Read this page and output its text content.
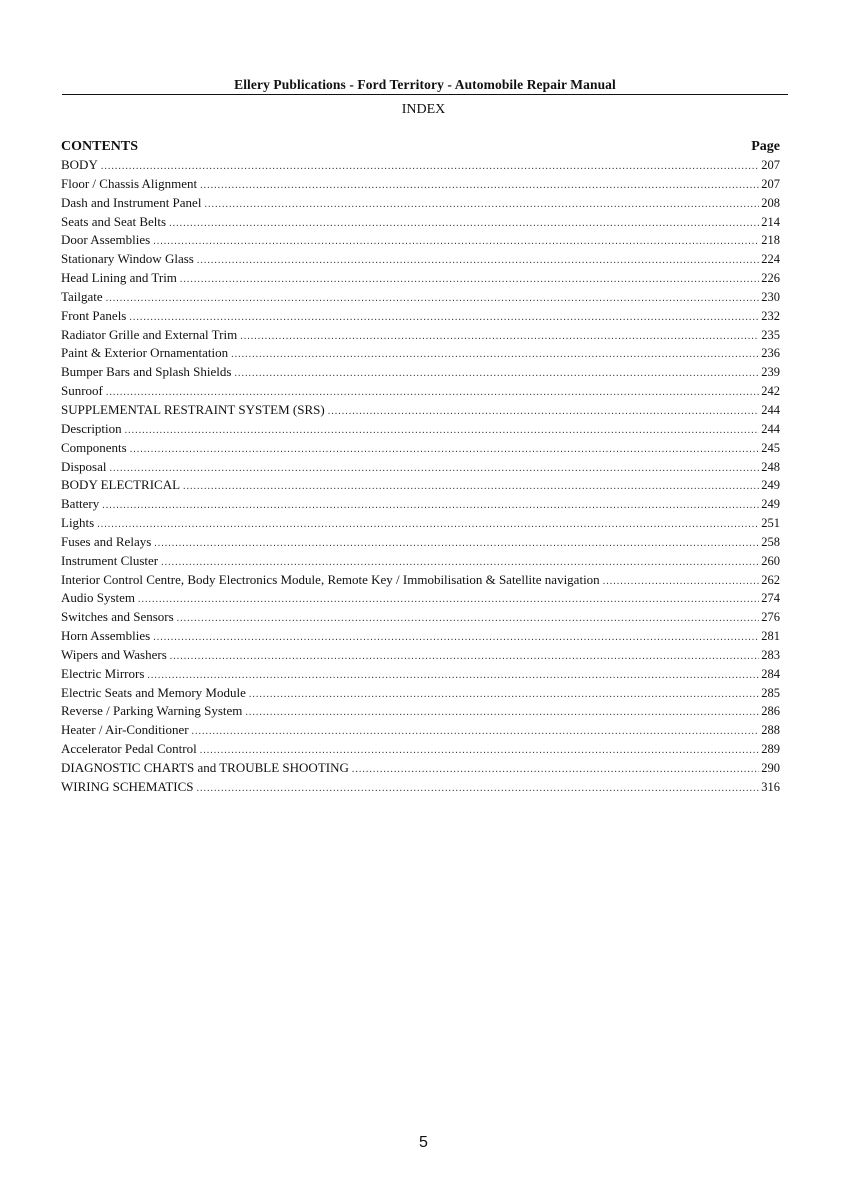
Ellery Publications - Ford Territory - Automobile Repair Manual
INDEX
CONTENTS	Page
BODY .....	207
Floor / Chassis Alignment .....	207
Dash and Instrument Panel .....	208
Seats and Seat Belts .....	214
Door Assemblies .....	218
Stationary Window Glass .....	224
Head Lining and Trim .....	226
Tailgate .....	230
Front Panels .....	232
Radiator Grille and External Trim .....	235
Paint & Exterior Ornamentation .....	236
Bumper Bars and Splash Shields .....	239
Sunroof .....	242
SUPPLEMENTAL RESTRAINT SYSTEM (SRS) .....	244
Description .....	244
Components .....	245
Disposal .....	248
BODY ELECTRICAL .....	249
Battery .....	249
Lights .....	251
Fuses and Relays .....	258
Instrument Cluster .....	260
Interior Control Centre, Body Electronics Module, Remote Key / Immobilisation & Satellite navigation .....	262
Audio System .....	274
Switches and Sensors .....	276
Horn Assemblies .....	281
Wipers and Washers .....	283
Electric Mirrors .....	284
Electric Seats and Memory Module .....	285
Reverse / Parking Warning System .....	286
Heater / Air-Conditioner .....	288
Accelerator Pedal Control .....	289
DIAGNOSTIC CHARTS and TROUBLE SHOOTING .....	290
WIRING SCHEMATICS .....	316
5
